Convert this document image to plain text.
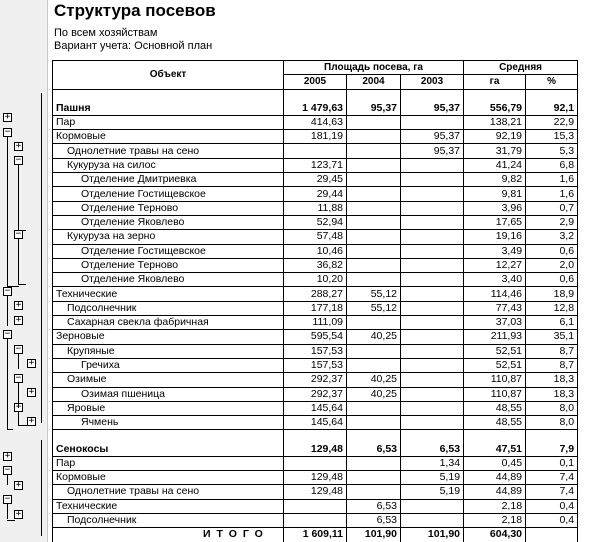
+
−
+
−
−
−
+
+
−
−
+
−
+
−
+
+
−
+
−
+
Структура посевов
По всем хозяйствам
Вариант учета: Основной план
Объект	Площадь посева, га			Средняя	
	2005	2004	2003	га	%

Пашня	1 479,63	95,37	95,37	556,79	92,1
Пар	414,63			138,21	22,9
Кормовые	181,19		95,37	92,19	15,3
Однолетние травы на сено			95,37	31,79	5,3
Кукуруза на силос	123,71			41,24	6,8
Отделение Дмитриевка	29,45			9,82	1,6
Отделение Гостищевское	29,44			9,81	1,6
Отделение Терново	11,88			3,96	0,7
Отделение Яковлево	52,94			17,65	2,9
Кукуруза на зерно	57,48			19,16	3,2
Отделение Гостищевское	10,46			3,49	0,6
Отделение Терново	36,82			12,27	2,0
Отделение Яковлево	10,20			3,40	0,6
Технические	288,27	55,12		114,46	18,9
Подсолнечник	177,18	55,12		77,43	12,8
Сахарная свекла фабричная	111,09			37,03	6,1
Зерновые	595,54	40,25		211,93	35,1
Крупяные	157,53			52,51	8,7
Гречиха	157,53			52,51	8,7
Озимые	292,37	40,25		110,87	18,3
Озимая пшеница	292,37	40,25		110,87	18,3
Яровые	145,64			48,55	8,0
Ячмень	145,64			48,55	8,0

Сенокосы	129,48	6,53	6,53	47,51	7,9
Пар			1,34	0,45	0,1
Кормовые	129,48		5,19	44,89	7,4
Однолетние травы на сено	129,48		5,19	44,89	7,4
Технические		6,53		2,18	0,4
Подсолнечник		6,53		2,18	0,4
ИТОГО	1 609,11	101,90	101,90	604,30	
